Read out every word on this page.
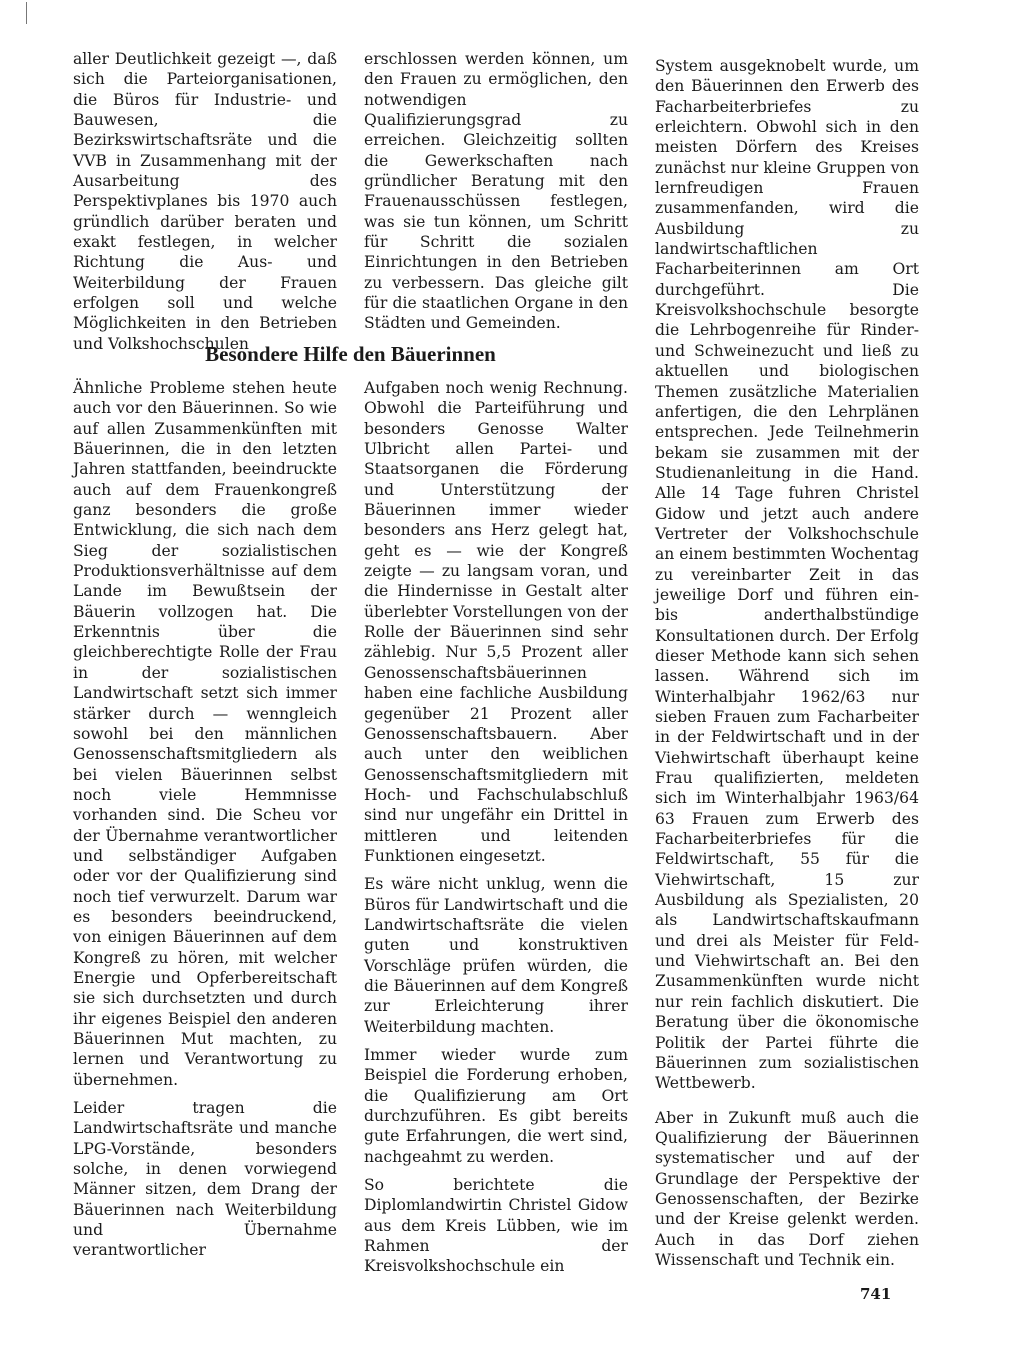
aller Deutlichkeit gezeigt —, daß sich die Parteiorganisationen, die Büros für Industrie- und Bauwesen, die Bezirkswirtschaftsräte und die VVB in Zusammenhang mit der Ausarbeitung des Perspektivplanes bis 1970 auch gründlich darüber beraten und exakt festlegen, in welcher Richtung die Aus- und Weiterbildung der Frauen erfolgen soll und welche Möglichkeiten in den Betrieben und Volkshochschulen

erschlossen werden können, um den Frauen zu ermöglichen, den notwendigen Qualifizierungsgrad zu erreichen. Gleichzeitig sollten die Gewerkschaften nach gründlicher Beratung mit den Frauenausschüssen festlegen, was sie tun können, um Schritt für Schritt die sozialen Einrichtungen in den Betrieben zu verbessern. Das gleiche gilt für die staatlichen Organe in den Städten und Gemeinden.

Besondere Hilfe den Bäuerinnen

Ähnliche Probleme stehen heute auch vor den Bäuerinnen. So wie auf allen Zusammenkünften mit Bäuerinnen, die in den letzten Jahren stattfanden, beeindruckte auch auf dem Frauenkongreß ganz besonders die große Entwicklung, die sich nach dem Sieg der sozialistischen Produktionsverhältnisse auf dem Lande im Bewußtsein der Bäuerin vollzogen hat. Die Erkenntnis über die gleichberechtigte Rolle der Frau in der sozialistischen Landwirtschaft setzt sich immer stärker durch — wenngleich sowohl bei den männlichen Genossenschaftsmitgliedern als bei vielen Bäuerinnen selbst noch viele Hemmnisse vorhanden sind. Die Scheu vor der Übernahme verantwortlicher und selbständiger Aufgaben oder vor der Qualifizierung sind noch tief verwurzelt. Darum war es besonders beeindruckend, von einigen Bäuerinnen auf dem Kongreß zu hören, mit welcher Energie und Opferbereitschaft sie sich durchsetzten und durch ihr eigenes Beispiel den anderen Bäuerinnen Mut machten, zu lernen und Verantwortung zu übernehmen.

Leider tragen die Landwirtschaftsräte und manche LPG-Vorstände, besonders solche, in denen vorwiegend Männer sitzen, dem Drang der Bäuerinnen nach Weiterbildung und Übernahme verantwortlicher

Aufgaben noch wenig Rechnung. Obwohl die Parteiführung und besonders Genosse Walter Ulbricht allen Partei- und Staatsorganen die Förderung und Unterstützung der Bäuerinnen immer wieder besonders ans Herz gelegt hat, geht es — wie der Kongreß zeigte — zu langsam voran, und die Hindernisse in Gestalt alter überlebter Vorstellungen von der Rolle der Bäuerinnen sind sehr zählebig. Nur 5,5 Prozent aller Genossenschaftsbäuerinnen haben eine fachliche Ausbildung gegenüber 21 Prozent aller Genossenschaftsbauern. Aber auch unter den weiblichen Genossenschaftsmitgliedern mit Hoch- und Fachschulabschluß sind nur ungefähr ein Drittel in mittleren und leitenden Funktionen eingesetzt.

Es wäre nicht unklug, wenn die Büros für Landwirtschaft und die Landwirtschaftsräte die vielen guten und konstruktiven Vorschläge prüfen würden, die die Bäuerinnen auf dem Kongreß zur Erleichterung ihrer Weiterbildung machten.

Immer wieder wurde zum Beispiel die Forderung erhoben, die Qualifizierung am Ort durchzuführen. Es gibt bereits gute Erfahrungen, die wert sind, nachgeahmt zu werden.

So berichtete die Diplomlandwirtin Christel Gidow aus dem Kreis Lübben, wie im Rahmen der Kreisvolkshochschule ein

System ausgeknobelt wurde, um den Bäuerinnen den Erwerb des Facharbeiterbriefes zu erleichtern. Obwohl sich in den meisten Dörfern des Kreises zunächst nur kleine Gruppen von lernfreudigen Frauen zusammenfanden, wird die Ausbildung zu landwirtschaftlichen Facharbeiterinnen am Ort durchgeführt. Die Kreisvolkshochschule besorgte die Lehrbogenreihe für Rinder- und Schweinezucht und ließ zu aktuellen und biologischen Themen zusätzliche Materialien anfertigen, die den Lehrplänen entsprechen. Jede Teilnehmerin bekam sie zusammen mit der Studienanleitung in die Hand. Alle 14 Tage fuhren Christel Gidow und jetzt auch andere Vertreter der Volkshochschule an einem bestimmten Wochentag zu vereinbarter Zeit in das jeweilige Dorf und führen ein- bis anderthalbstündige Konsultationen durch. Der Erfolg dieser Methode kann sich sehen lassen. Während sich im Winterhalbjahr 1962/63 nur sieben Frauen zum Facharbeiter in der Feldwirtschaft und in der Viehwirtschaft überhaupt keine Frau qualifizierten, meldeten sich im Winterhalbjahr 1963/64 63 Frauen zum Erwerb des Facharbeiterbriefes für die Feldwirtschaft, 55 für die Viehwirtschaft, 15 zur Ausbildung als Spezialisten, 20 als Landwirtschaftskaufmann und drei als Meister für Feld- und Viehwirtschaft an. Bei den Zusammenkünften wurde nicht nur rein fachlich diskutiert. Die Beratung über die ökonomische Politik der Partei führte die Bäuerinnen zum sozialistischen Wettbewerb.

Aber in Zukunft muß auch die Qualifizierung der Bäuerinnen systematischer und auf der Grundlage der Perspektive der Genossenschaften, der Bezirke und der Kreise gelenkt werden. Auch in das Dorf ziehen Wissenschaft und Technik ein.

741
